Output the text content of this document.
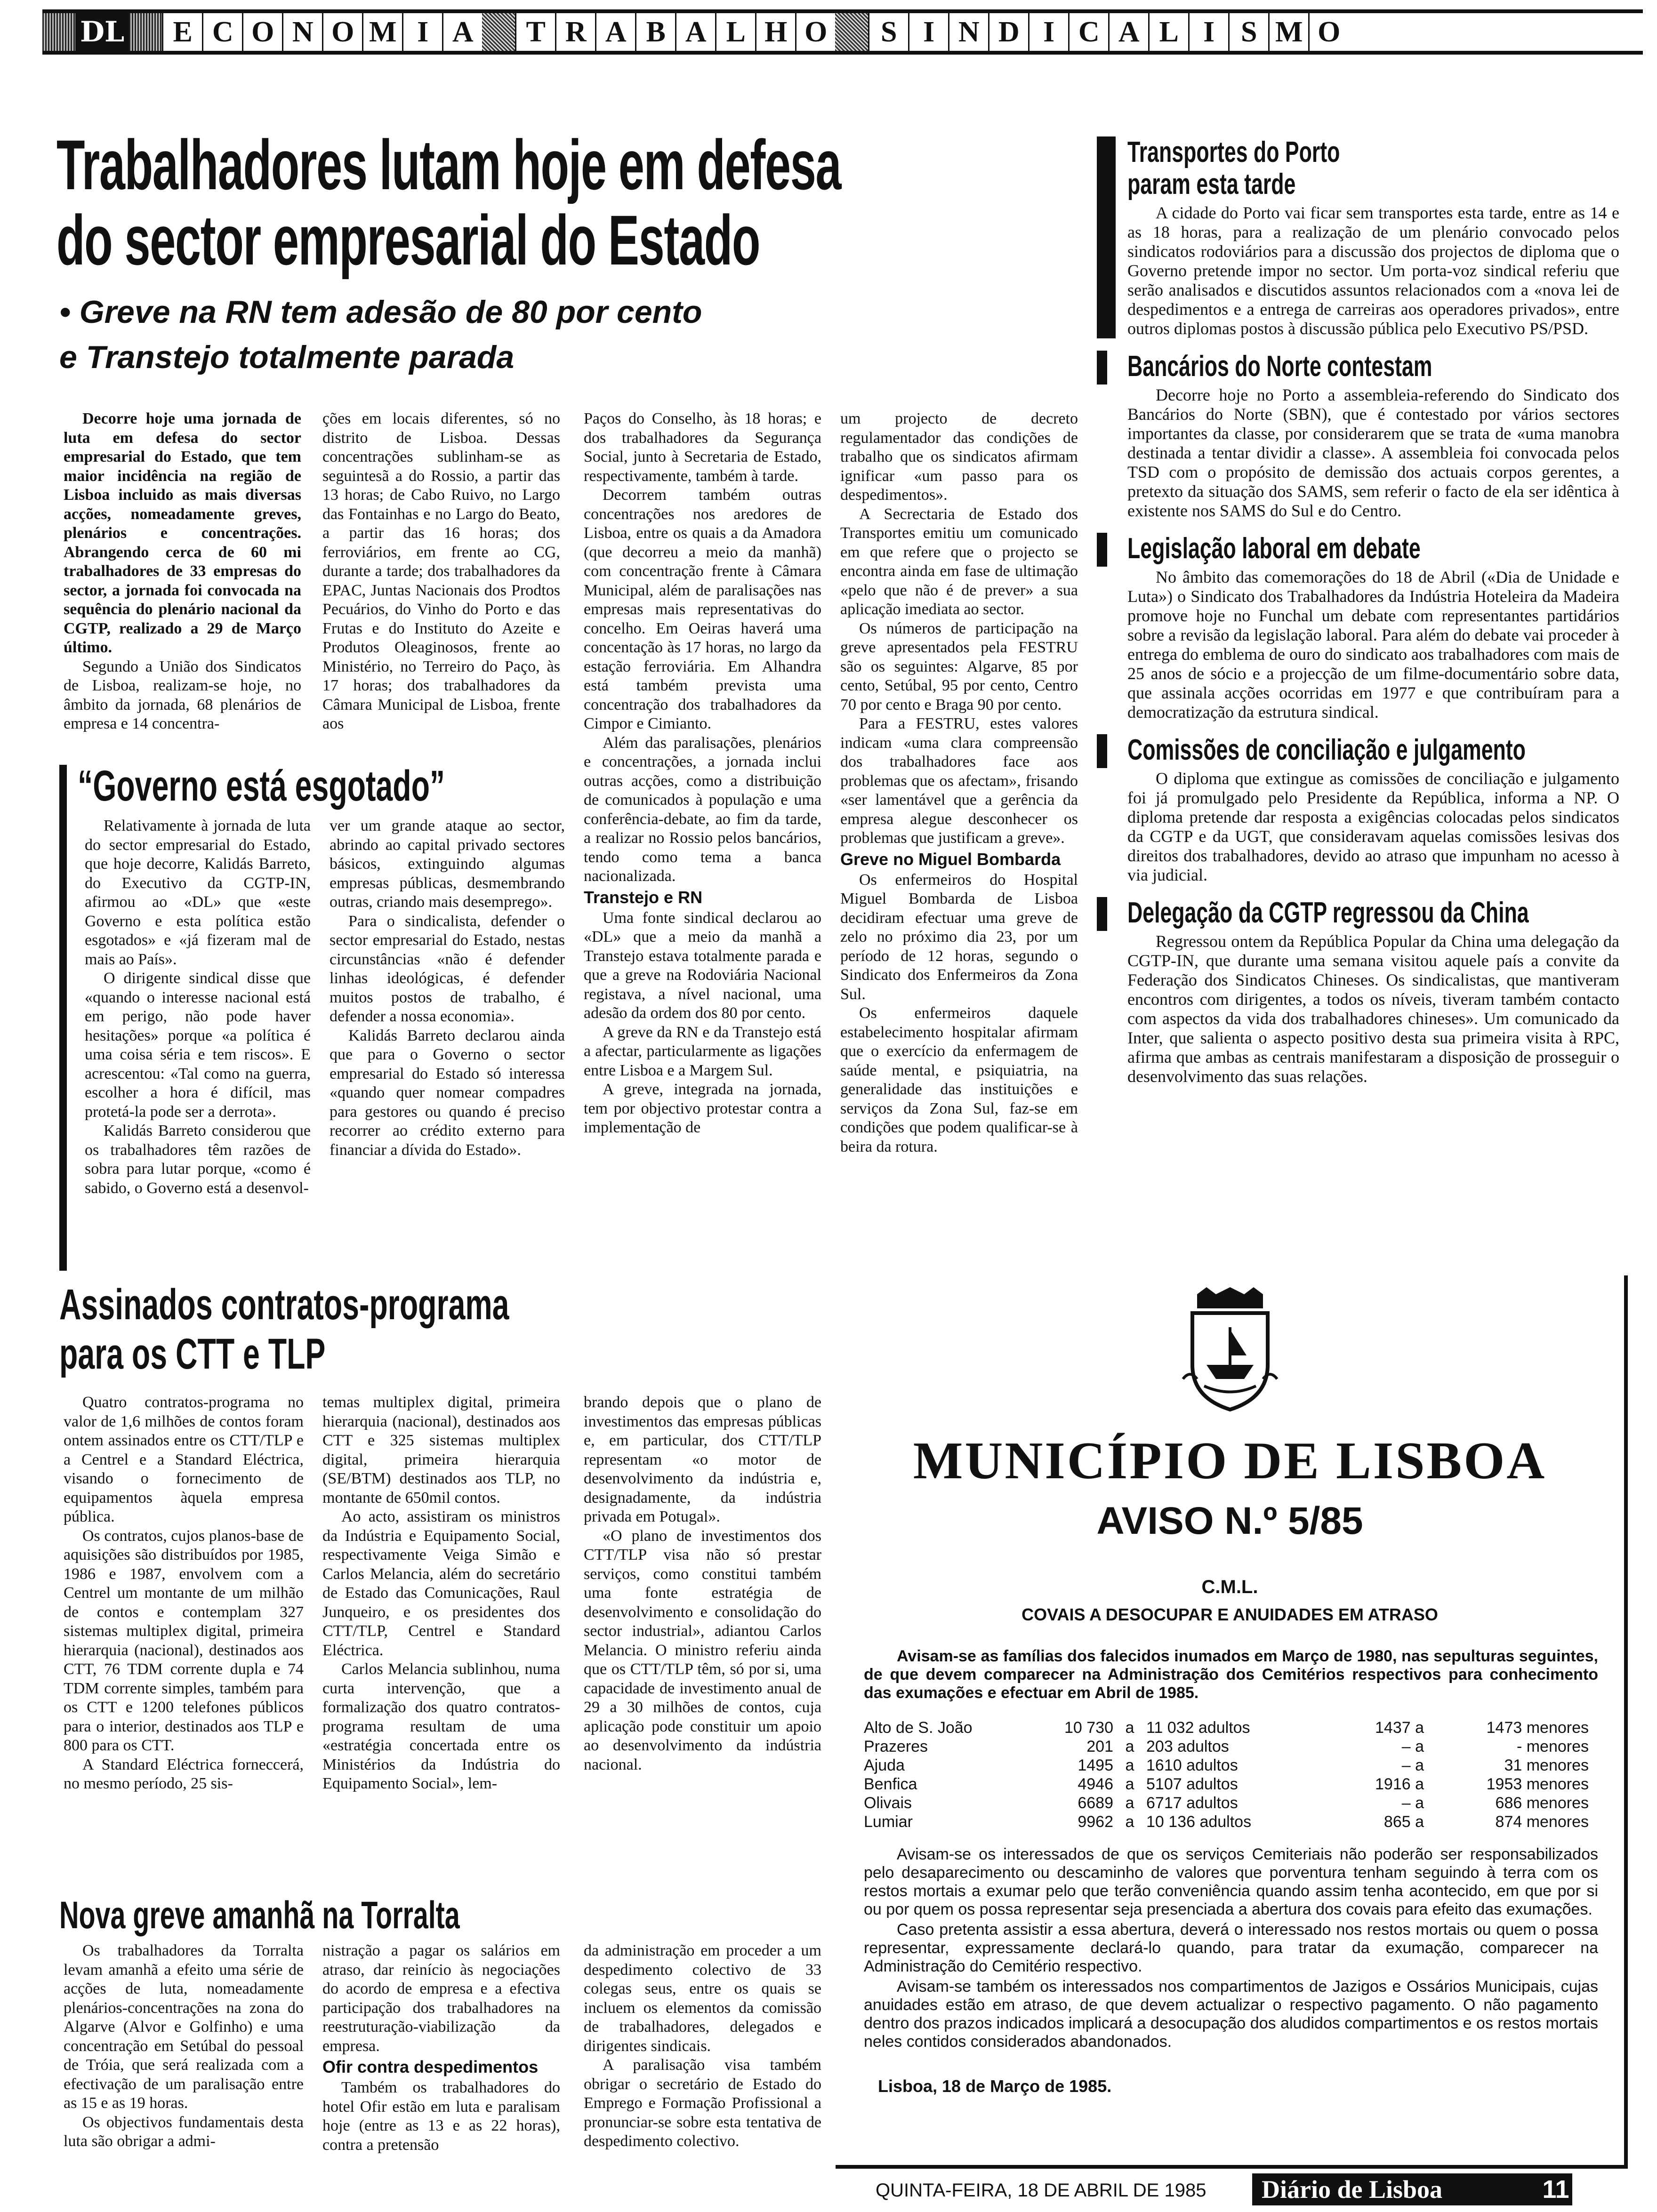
DL	E C O N O M I A	T R A B A L H O	S I N D I C A L I S M O
Trabalhadores lutam hoje em defesa
do sector empresarial do Estado
• Greve na RN tem adesão de 80 por cento
e Transtejo totalmente parada

Decorre hoje uma jornada de luta em defesa do sector empresarial do Estado, que tem maior incidência na região de Lisboa incluido as mais diversas acções, nomeadamente greves, plenários e concentrações. Abrangendo cerca de 60 mi trabalhadores de 33 empresas do sector, a jornada foi convocada na sequência do plenário nacional da CGTP, realizado a 29 de Março último.

Segundo a União dos Sindicatos de Lisboa, realizam-se hoje, no âmbito da jornada, 68 plenários de empresa e 14 concentra-

ções em locais diferentes, só no distrito de Lisboa. Dessas concentrações sublinham-se as seguintesã a do Rossio, a partir das 13 horas; de Cabo Ruivo, no Largo das Fontainhas e no Largo do Beato, a partir das 16 horas; dos ferroviários, em frente ao CG, durante a tarde; dos trabalhadores da EPAC, Juntas Nacionais dos Prodtos Pecuários, do Vinho do Porto e das Frutas e do Instituto do Azeite e Produtos Oleaginosos, frente ao Ministério, no Terreiro do Paço, às 17 horas; dos trabalhadores da Câmara Municipal de Lisboa, frente aos

Paços do Conselho, às 18 horas; e dos trabalhadores da Segurança Social, junto à Secretaria de Estado, respectivamente, também à tarde.

Decorrem também outras concentrações nos aredores de Lisboa, entre os quais a da Amadora (que decorreu a meio da manhã) com concentração frente à Câmara Municipal, além de paralisações nas empresas mais representativas do concelho. Em Oeiras haverá uma concentação às 17 horas, no largo da estação ferroviária. Em Alhandra está também prevista uma concentração dos trabalhadores da Cimpor e Cimianto.

Além das paralisações, plenários e concentrações, a jornada inclui outras acções, como a distribuição de comunicados à população e uma conferência-debate, ao fim da tarde, a realizar no Rossio pelos bancários, tendo como tema a banca nacionalizada.

Transtejo e RN

Uma fonte sindical declarou ao «DL» que a meio da manhã a Transtejo estava totalmente parada e que a greve na Rodoviária Nacional registava, a nível nacional, uma adesão da ordem dos 80 por cento.

A greve da RN e da Transtejo está a afectar, particularmente as ligações entre Lisboa e a Margem Sul.

A greve, integrada na jornada, tem por objectivo protestar contra a implementação de

um projecto de decreto regulamentador das condições de trabalho que os sindicatos afirmam ignificar «um passo para os despedimentos».

A Secrectaria de Estado dos Transportes emitiu um comunicado em que refere que o projecto se encontra ainda em fase de ultimação «pelo que não é de prever» a sua aplicação imediata ao sector.

Os números de participação na greve apresentados pela FESTRU são os seguintes: Algarve, 85 por cento, Setúbal, 95 por cento, Centro 70 por cento e Braga 90 por cento.

Para a FESTRU, estes valores indicam «uma clara compreensão dos trabalhadores face aos problemas que os afectam», frisando «ser lamentável que a gerência da empresa alegue desconhecer os problemas que justificam a greve».

Greve no Miguel Bombarda

Os enfermeiros do Hospital Miguel Bombarda de Lisboa decidiram efectuar uma greve de zelo no próximo dia 23, por um período de 12 horas, segundo o Sindicato dos Enfermeiros da Zona Sul.

Os enfermeiros daquele estabelecimento hospitalar afirmam que o exercício da enfermagem de saúde mental, e psiquiatria, na generalidade das instituições e serviços da Zona Sul, faz-se em condições que podem qualificar-se à beira da rotura.

“Governo está esgotado”

Relativamente à jornada de luta do sector empresarial do Estado, que hoje decorre, Kalidás Barreto, do Executivo da CGTP-IN, afirmou ao «DL» que «este Governo e esta política estão esgotados» e «já fizeram mal de mais ao País».

O dirigente sindical disse que «quando o interesse nacional está em perigo, não pode haver hesitações» porque «a política é uma coisa séria e tem riscos». E acrescentou: «Tal como na guerra, escolher a hora é difícil, mas protetá-la pode ser a derrota».

Kalidás Barreto considerou que os trabalhadores têm razões de sobra para lutar porque, «como é sabido, o Governo está a desenvol-

ver um grande ataque ao sector, abrindo ao capital privado sectores básicos, extinguindo algumas empresas públicas, desmembrando outras, criando mais desemprego».

Para o sindicalista, defender o sector empresarial do Estado, nestas circunstâncias «não é defender linhas ideológicas, é defender muitos postos de trabalho, é defender a nossa economia».

Kalidás Barreto declarou ainda que para o Governo o sector empresarial do Estado só interessa «quando quer nomear compadres para gestores ou quando é preciso recorrer ao crédito externo para financiar a dívida do Estado».

Transportes do Porto
param esta tarde

A cidade do Porto vai ficar sem transportes esta tarde, entre as 14 e as 18 horas, para a realização de um plenário convocado pelos sindicatos rodoviários para a discussão dos projectos de diploma que o Governo pretende impor no sector. Um porta-voz sindical referiu que serão analisados e discutidos assuntos relacionados com a «nova lei de despedimentos e a entrega de carreiras aos operadores privados», entre outros diplomas postos à discussão pública pelo Executivo PS/PSD.

Bancários do Norte contestam

Decorre hoje no Porto a assembleia-referendo do Sindicato dos Bancários do Norte (SBN), que é contestado por vários sectores importantes da classe, por considerarem que se trata de «uma manobra destinada a tentar dividir a classe». A assembleia foi convocada pelos TSD com o propósito de demissão dos actuais corpos gerentes, a pretexto da situação dos SAMS, sem referir o facto de ela ser idêntica à existente nos SAMS do Sul e do Centro.

Legislação laboral em debate

No âmbito das comemorações do 18 de Abril («Dia de Unidade e Luta») o Sindicato dos Trabalhadores da Indústria Hoteleira da Madeira promove hoje no Funchal um debate com representantes partidários sobre a revisão da legislação laboral. Para além do debate vai proceder à entrega do emblema de ouro do sindicato aos trabalhadores com mais de 25 anos de sócio e a projecção de um filme-documentário sobre data, que assinala acções ocorridas em 1977 e que contribuíram para a democratização da estrutura sindical.

Comissões de conciliação e julgamento

O diploma que extingue as comissões de conciliação e julgamento foi já promulgado pelo Presidente da República, informa a NP. O diploma pretende dar resposta a exigências colocadas pelos sindicatos da CGTP e da UGT, que consideravam aquelas comissões lesivas dos direitos dos trabalhadores, devido ao atraso que impunham no acesso à via judicial.

Delegação da CGTP regressou da China

Regressou ontem da República Popular da China uma delegação da CGTP-IN, que durante uma semana visitou aquele país a convite da Federação dos Sindicatos Chineses. Os sindicalistas, que mantiveram encontros com dirigentes, a todos os níveis, tiveram também contacto com aspectos da vida dos trabalhadores chineses». Um comunicado da Inter, que salienta o aspecto positivo desta sua primeira visita à RPC, afirma que ambas as centrais manifestaram a disposição de prosseguir o desenvolvimento das suas relações.

Assinados contratos-programa
para os CTT e TLP

Quatro contratos-programa no valor de 1,6 milhões de contos foram ontem assinados entre os CTT/TLP e a Centrel e a Standard Eléctrica, visando o fornecimento de equipamentos àquela empresa pública.

Os contratos, cujos planos-base de aquisições são distribuídos por 1985, 1986 e 1987, envolvem com a Centrel um montante de um milhão de contos e contemplam 327 sistemas multiplex digital, primeira hierarquia (nacional), destinados aos CTT, 76 TDM corrente dupla e 74 TDM corrente simples, também para os CTT e 1200 telefones públicos para o interior, destinados aos TLP e 800 para os CTT.

A Standard Eléctrica forneccerá, no mesmo período, 25 sis-

temas multiplex digital, primeira hierarquia (nacional), destinados aos CTT e 325 sistemas multiplex digital, primeira hierarquia (SE/BTM) destinados aos TLP, no montante de 650mil contos.

Ao acto, assistiram os ministros da Indústria e Equipamento Social, respectivamente Veiga Simão e Carlos Melancia, além do secretário de Estado das Comunicações, Raul Junqueiro, e os presidentes dos CTT/TLP, Centrel e Standard Eléctrica.

Carlos Melancia sublinhou, numa curta intervenção, que a formalização dos quatro contratos-programa resultam de uma «estratégia concertada entre os Ministérios da Indústria do Equipamento Social», lem-

brando depois que o plano de investimentos das empresas públicas e, em particular, dos CTT/TLP representam «o motor de desenvolvimento da indústria e, designadamente, da indústria privada em Potugal».

«O plano de investimentos dos CTT/TLP visa não só prestar serviços, como constitui também uma fonte estratégia de desenvolvimento e consolidação do sector industrial», adiantou Carlos Melancia. O ministro referiu ainda que os CTT/TLP têm, só por si, uma capacidade de investimento anual de 29 a 30 milhões de contos, cuja aplicação pode constituir um apoio ao desenvolvimento da indústria nacional.

Nova greve amanhã na Torralta

Os trabalhadores da Torralta levam amanhã a efeito uma série de acções de luta, nomeadamente plenários-concentrações na zona do Algarve (Alvor e Golfinho) e uma concentração em Setúbal do pessoal de Tróia, que será realizada com a efectivação de um paralisação entre as 15 e as 19 horas.

Os objectivos fundamentais desta luta são obrigar a admi-

nistração a pagar os salários em atraso, dar reinício às negociações do acordo de empresa e a efectiva participação dos trabalhadores na reestruturação-viabilização da empresa.

Ofir contra despedimentos

Também os trabalhadores do hotel Ofir estão em luta e paralisam hoje (entre as 13 e as 22 horas), contra a pretensão

da administração em proceder a um despedimento colectivo de 33 colegas seus, entre os quais se incluem os elementos da comissão de trabalhadores, delegados e dirigentes sindicais.

A paralisação visa também obrigar o secretário de Estado do Emprego e Formação Profissional a pronunciar-se sobre esta tentativa de despedimento colectivo.

MUNICÍPIO DE LISBOA
AVISO N.º 5/85
C.M.L.
COVAIS A DESOCUPAR E ANUIDADES EM ATRASO

Avisam-se as famílias dos falecidos inumados em Março de 1980, nas sepulturas seguintes, de que devem comparecer na Administração dos Cemitérios respectivos para conhecimento das exumações e efectuar em Abril de 1985.

Alto de S. João	10 730	a	11 032 adultos	1437 a	1473 menores
Prazeres	201	a	203 adultos	– a	- menores
Ajuda	1495	a	1610 adultos	– a	31 menores
Benfica	4946	a	5107 adultos	1916 a	1953 menores
Olivais	6689	a	6717 adultos	– a	686 menores
Lumiar	9962	a	10 136 adultos	865 a	874 menores

Avisam-se os interessados de que os serviços Cemiteriais não poderão ser responsabilizados pelo desaparecimento ou descaminho de valores que porventura tenham seguindo à terra com os restos mortais a exumar pelo que terão conveniência quando assim tenha acontecido, em que por si ou por quem os possa representar seja presenciada a abertura dos covais para efeito das exumações.

Caso pretenta assistir a essa abertura, deverá o interessado nos restos mortais ou quem o possa representar, expressamente declará-lo quando, para tratar da exumação, comparecer na Administração do Cemitério respectivo.

Avisam-se também os interessados nos compartimentos de Jazigos e Ossários Municipais, cujas anuidades estão em atraso, de que devem actualizar o respectivo pagamento. O não pagamento dentro dos prazos indicados implicará a desocupação dos aludidos compartimentos e os restos mortais neles contidos considerados abandonados.

Lisboa, 18 de Março de 1985.
QUINTA-FEIRA, 18 DE ABRIL DE 1985	Diário de Lisboa	11
